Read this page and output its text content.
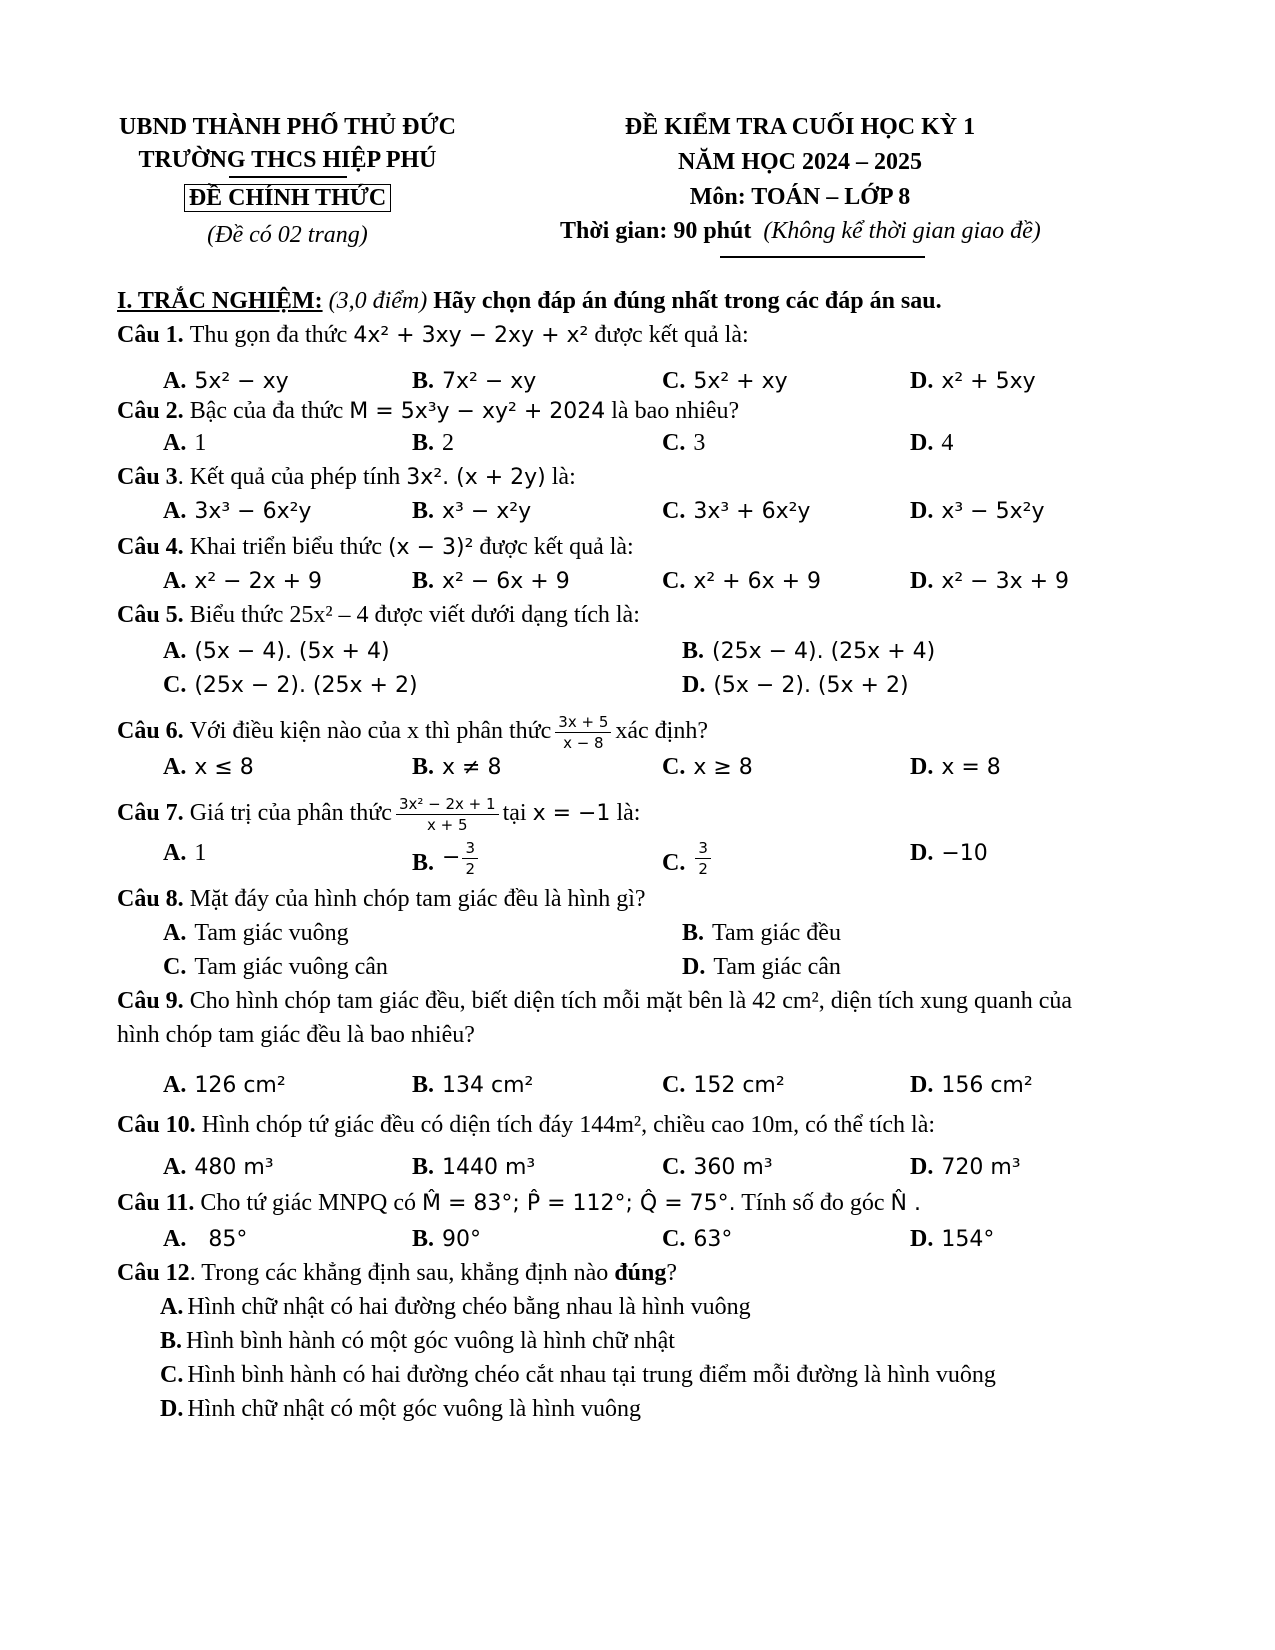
UBND THÀNH PHỐ THỦ ĐỨC
TRƯỜNG THCS HIỆP PHÚ
ĐỀ CHÍNH THỨC
(Đề có 02 trang)
ĐỀ KIỂM TRA CUỐI HỌC KỲ 1
NĂM HỌC 2024 – 2025
Môn: TOÁN – LỚP 8
Thời gian: 90 phút (Không kể thời gian giao đề)
I. TRẮC NGHIỆM: (3,0 điểm) Hãy chọn đáp án đúng nhất trong các đáp án sau.
Câu 1. Thu gọn đa thức 4x² + 3xy − 2xy + x² được kết quả là:
A. 5x² − xy	B. 7x² − xy	C. 5x² + xy	D. x² + 5xy
Câu 2. Bậc của đa thức M = 5x³y − xy² + 2024 là bao nhiêu?
A. 1	B. 2	C. 3	D. 4
Câu 3. Kết quả của phép tính 3x². (x + 2y) là:
A. 3x³ − 6x²y	B. x³ − x²y	C. 3x³ + 6x²y	D. x³ − 5x²y
Câu 4. Khai triển biểu thức (x − 3)² được kết quả là:
A. x² − 2x + 9	B. x² − 6x + 9	C. x² + 6x + 9	D. x² − 3x + 9
Câu 5. Biểu thức 25x² – 4 được viết dưới dạng tích là:
A. (5x − 4). (5x + 4)	B. (25x − 4). (25x + 4)
C. (25x − 2). (25x + 2)	D. (5x − 2). (5x + 2)
Câu 6. Với điều kiện nào của x thì phân thức $\frac{3x + 5}{x - 8}$ xác định?
A. x ≤ 8	B. x ≠ 8	C. x ≥ 8	D. x = 8
Câu 7. Giá trị của phân thức $\frac{\text{3x² − 2x + 1}}{x + 5}$ tại x = −1 là:
A. 1	B. − $\frac{3}{2}$	C. $\frac{3}{2}$	D. −10
Câu 8. Mặt đáy của hình chóp tam giác đều là hình gì?
A. Tam giác vuông	B. Tam giác đều
C. Tam giác vuông cân	D. Tam giác cân
Câu 9. Cho hình chóp tam giác đều, biết diện tích mỗi mặt bên là 42 cm², diện tích xung quanh của
hình chóp tam giác đều là bao nhiêu?
A. 126 cm²	B. 134 cm²	C. 152 cm²	D. 156 cm²
Câu 10. Hình chóp tứ giác đều có diện tích đáy 144m², chiều cao 10m, có thể tích là:
A. 480 m³	B. 1440 m³	C. 360 m³	D. 720 m³
Câu 11. Cho tứ giác MNPQ có M̂ = 83°; P̂ = 112°; Q̂ = 75°. Tính số đo góc N̂ .
A. 85°	B. 90°	C. 63°	D. 154°
Câu 12. Trong các khẳng định sau, khẳng định nào đúng?
A. Hình chữ nhật có hai đường chéo bằng nhau là hình vuông
B. Hình bình hành có một góc vuông là hình chữ nhật
C. Hình bình hành có hai đường chéo cắt nhau tại trung điểm mỗi đường là hình vuông
D. Hình chữ nhật có một góc vuông là hình vuông
